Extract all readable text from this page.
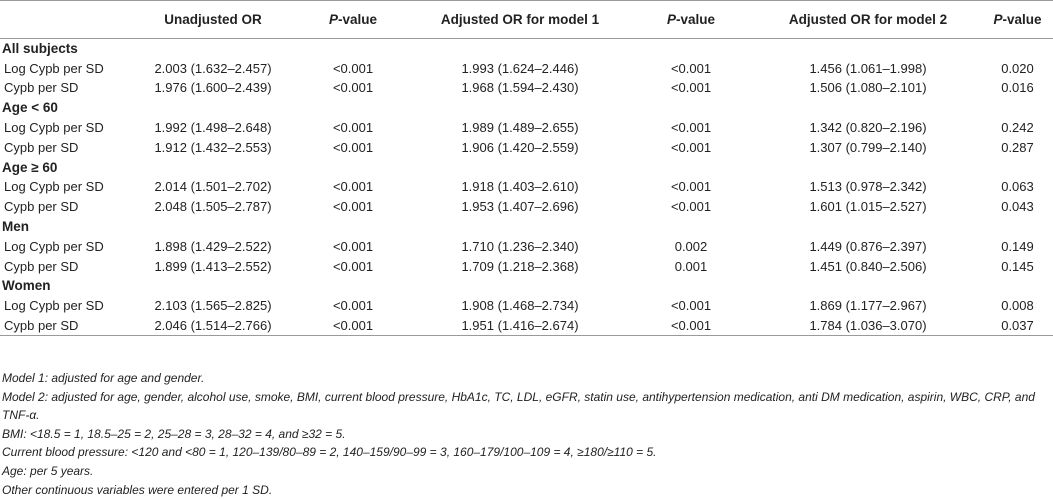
	Unadjusted OR	P-value	Adjusted OR for model 1	P-value	Adjusted OR for model 2	P-value
All subjects						
Log Cypb per SD	2.003 (1.632–2.457)	<0.001	1.993 (1.624–2.446)	<0.001	1.456 (1.061–1.998)	0.020
Cypb per SD	1.976 (1.600–2.439)	<0.001	1.968 (1.594–2.430)	<0.001	1.506 (1.080–2.101)	0.016
Age < 60						
Log Cypb per SD	1.992 (1.498–2.648)	<0.001	1.989 (1.489–2.655)	<0.001	1.342 (0.820–2.196)	0.242
Cypb per SD	1.912 (1.432–2.553)	<0.001	1.906 (1.420–2.559)	<0.001	1.307 (0.799–2.140)	0.287
Age ≥ 60						
Log Cypb per SD	2.014 (1.501–2.702)	<0.001	1.918 (1.403–2.610)	<0.001	1.513 (0.978–2.342)	0.063
Cypb per SD	2.048 (1.505–2.787)	<0.001	1.953 (1.407–2.696)	<0.001	1.601 (1.015–2.527)	0.043
Men						
Log Cypb per SD	1.898 (1.429–2.522)	<0.001	1.710 (1.236–2.340)	0.002	1.449 (0.876–2.397)	0.149
Cypb per SD	1.899 (1.413–2.552)	<0.001	1.709 (1.218–2.368)	0.001	1.451 (0.840–2.506)	0.145
Women						
Log Cypb per SD	2.103 (1.565–2.825)	<0.001	1.908 (1.468–2.734)	<0.001	1.869 (1.177–2.967)	0.008
Cypb per SD	2.046 (1.514–2.766)	<0.001	1.951 (1.416–2.674)	<0.001	1.784 (1.036–3.070)	0.037
Model 1: adjusted for age and gender.
Model 2: adjusted for age, gender, alcohol use, smoke, BMI, current blood pressure, HbA1c, TC, LDL, eGFR, statin use, antihypertension medication, anti DM medication, aspirin, WBC, CRP, and TNF-α.
BMI: <18.5 = 1, 18.5–25 = 2, 25–28 = 3, 28–32 = 4, and ≥32 = 5.
Current blood pressure: <120 and <80 = 1, 120–139/80–89 = 2, 140–159/90–99 = 3, 160–179/100–109 = 4, ≥180/≥110 = 5.
Age: per 5 years.
Other continuous variables were entered per 1 SD.
